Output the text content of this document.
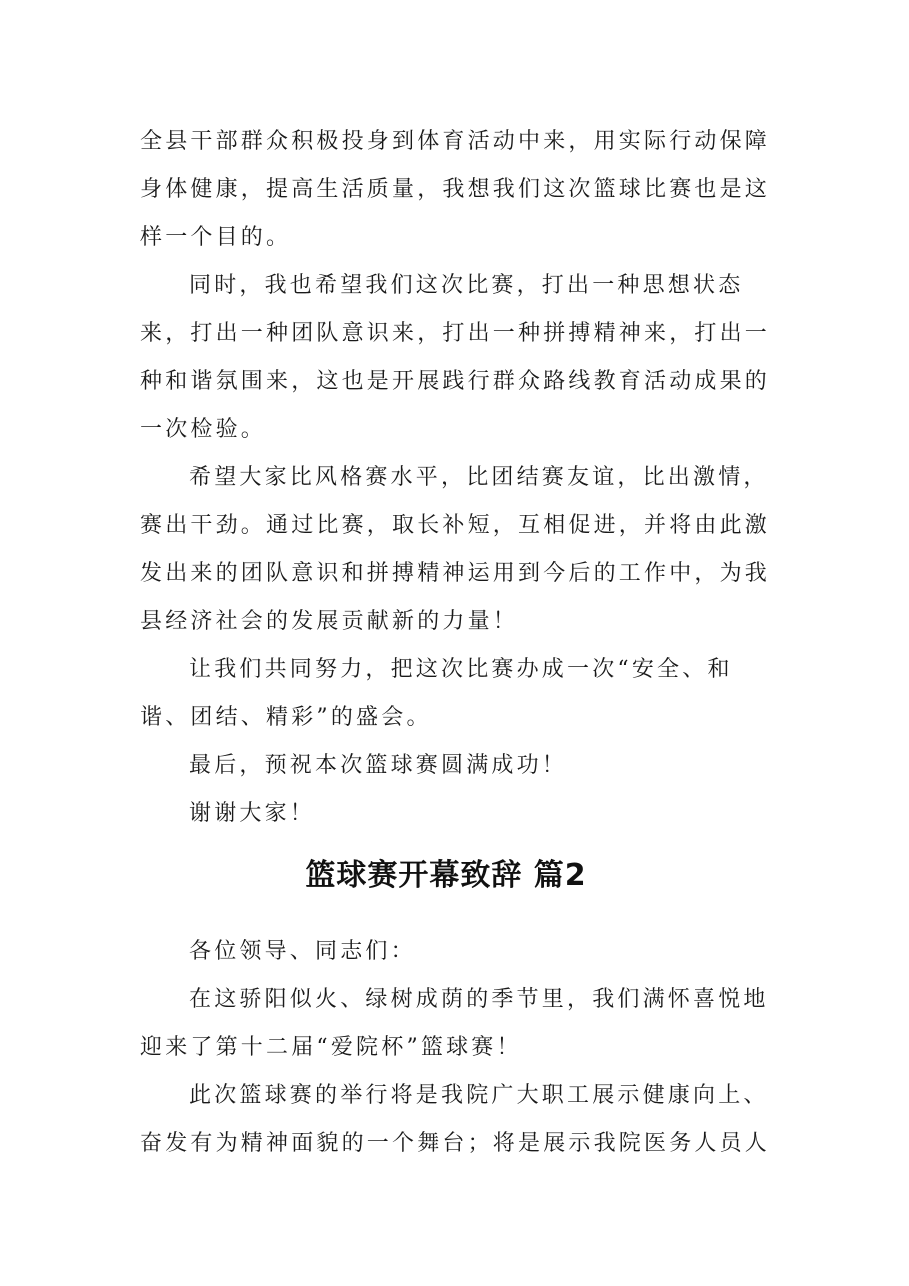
全县干部群众积极投身到体育活动中来，用实际行动保障
身体健康，提高生活质量，我想我们这次篮球比赛也是这
样一个目的。
同时，我也希望我们这次比赛，打出一种思想状态
来，打出一种团队意识来，打出一种拼搏精神来，打出一
种和谐氛围来，这也是开展践行群众路线教育活动成果的
一次检验。
希望大家比风格赛水平，比团结赛友谊，比出激情，
赛出干劲。通过比赛，取长补短，互相促进，并将由此激
发出来的团队意识和拼搏精神运用到今后的工作中，为我
县经济社会的发展贡献新的力量！
让我们共同努力，把这次比赛办成一次“安全、和
谐、团结、精彩”的盛会。
最后，预祝本次篮球赛圆满成功！
谢谢大家！
篮球赛开幕致辞 篇2
各位领导、同志们：
在这骄阳似火、绿树成荫的季节里，我们满怀喜悦地
迎来了第十二届“爱院杯”篮球赛！
此次篮球赛的举行将是我院广大职工展示健康向上、
奋发有为精神面貌的一个舞台；将是展示我院医务人员人
